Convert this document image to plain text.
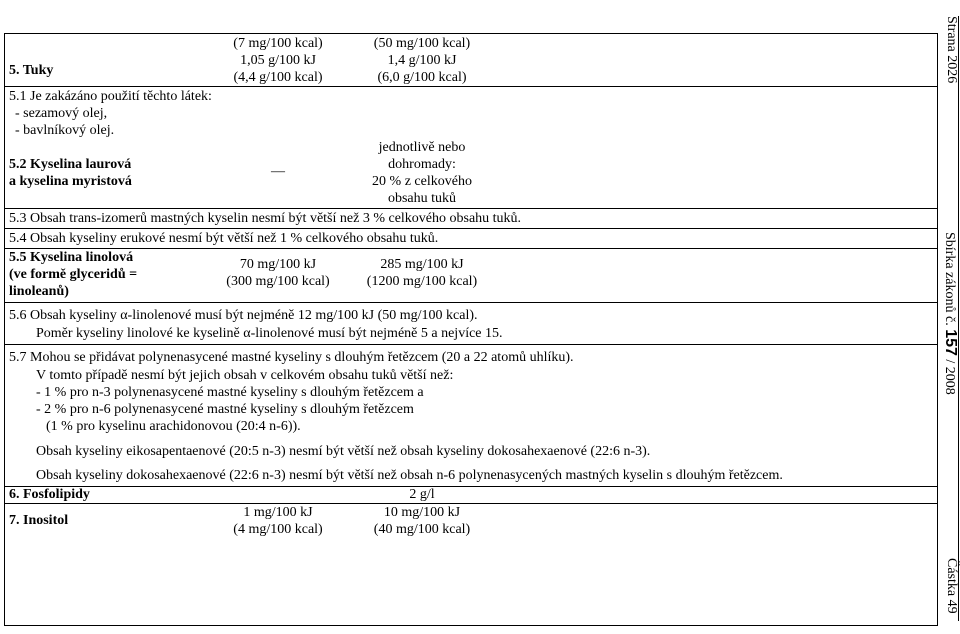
(7 mg/100 kcal)	(50 mg/100 kcal)
5. Tuky
1,05 g/100 kJ
(4,4 g/100 kcal)
1,4 g/100 kJ
(6,0 g/100 kcal)
5.1 Je zakázáno použití těchto látek:
- sezamový olej,
- bavlníkový olej.
5.2 Kyselina laurová
a kyselina myristová
—
jednotlivě nebo
dohromady:
20 % z celkového
obsahu tuků
5.3 Obsah trans-izomerů mastných kyselin nesmí být větší než 3 % celkového obsahu tuků.
5.4 Obsah kyseliny erukové nesmí být větší než 1 % celkového obsahu tuků.
5.5 Kyselina linolová
(ve formě glyceridů =
linoleanů)
70 mg/100 kJ
(300 mg/100 kcal)
285 mg/100 kJ
(1200 mg/100 kcal)
5.6 Obsah kyseliny α-linolenové musí být nejméně 12 mg/100 kJ (50 mg/100 kcal).
Poměr kyseliny linolové ke kyselině α-linolenové musí být nejméně 5 a nejvíce 15.
5.7 Mohou se přidávat polynenasycené mastné kyseliny s dlouhým řetězcem (20 a 22 atomů uhlíku).
V tomto případě nesmí být jejich obsah v celkovém obsahu tuků větší než:
- 1 % pro n-3 polynenasycené mastné kyseliny s dlouhým řetězcem a
- 2 % pro n-6 polynenasycené mastné kyseliny s dlouhým řetězcem
(1 % pro kyselinu arachidonovou (20:4 n-6)).
Obsah kyseliny eikosapentaenové (20:5 n-3) nesmí být větší než obsah kyseliny dokosahexaenové (22:6 n-3).
Obsah kyseliny dokosahexaenové (22:6 n-3) nesmí být větší než obsah n-6 polynenasycených mastných kyselin s dlouhým řetězcem.
6. Fosfolipidy	2 g/l
7. Inositol
1 mg/100 kJ
(4 mg/100 kcal)
10 mg/100 kJ
(40 mg/100 kcal)
Strana 2026
Sbírka zákonů č. 157 / 2008
Částka 49
